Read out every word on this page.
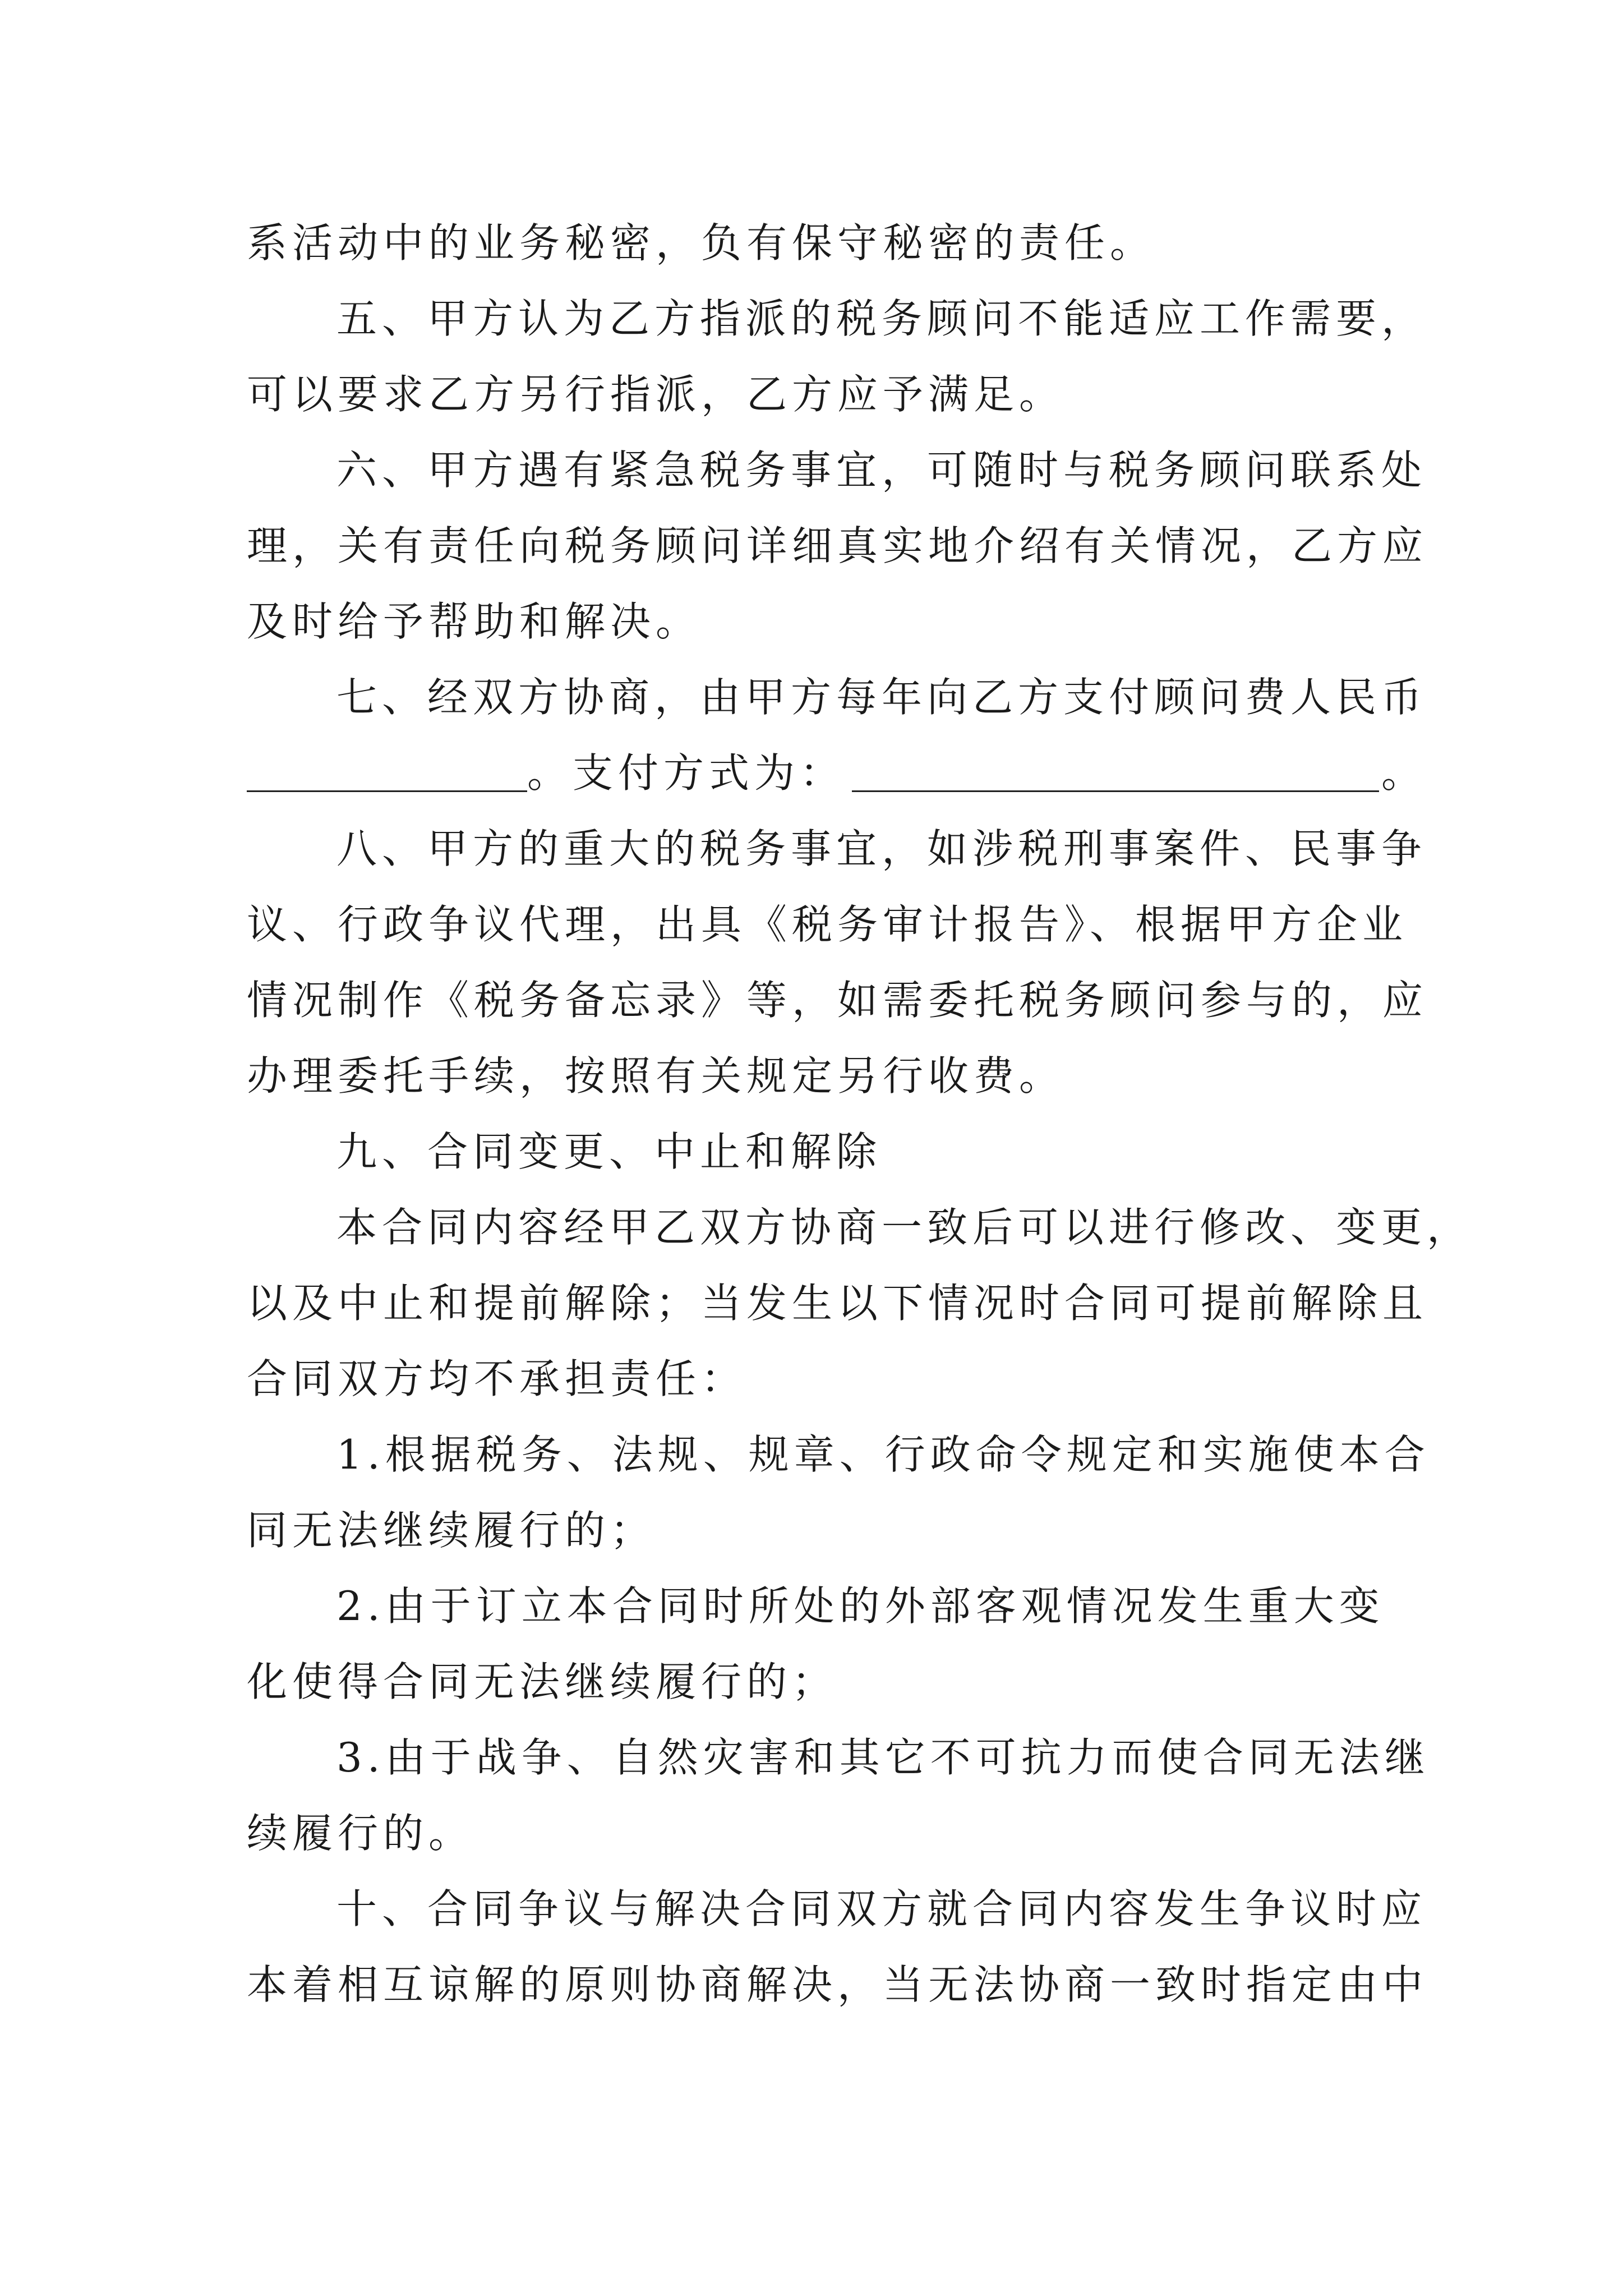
系活动中的业务秘密，负有保守秘密的责任。
五、甲方认为乙方指派的税务顾问不能适应工作需要，
可以要求乙方另行指派，乙方应予满足。
六、甲方遇有紧急税务事宜，可随时与税务顾问联系处
理，关有责任向税务顾问详细真实地介绍有关情况，乙方应
及时给予帮助和解决。
七、经双方协商，由甲方每年向乙方支付顾问费人民币
。支付方式为：	。
八、甲方的重大的税务事宜，如涉税刑事案件、民事争
议、行政争议代理，出具《税务审计报告》、根据甲方企业
情况制作《税务备忘录》等，如需委托税务顾问参与的，应
办理委托手续，按照有关规定另行收费。
九、合同变更、中止和解除
本合同内容经甲乙双方协商一致后可以进行修改、变更，
以及中止和提前解除；当发生以下情况时合同可提前解除且
合同双方均不承担责任：
1.根据税务、法规、规章、行政命令规定和实施使本合
同无法继续履行的；
2.由于订立本合同时所处的外部客观情况发生重大变
化使得合同无法继续履行的；
3.由于战争、自然灾害和其它不可抗力而使合同无法继
续履行的。
十、合同争议与解决合同双方就合同内容发生争议时应
本着相互谅解的原则协商解决，当无法协商一致时指定由中
